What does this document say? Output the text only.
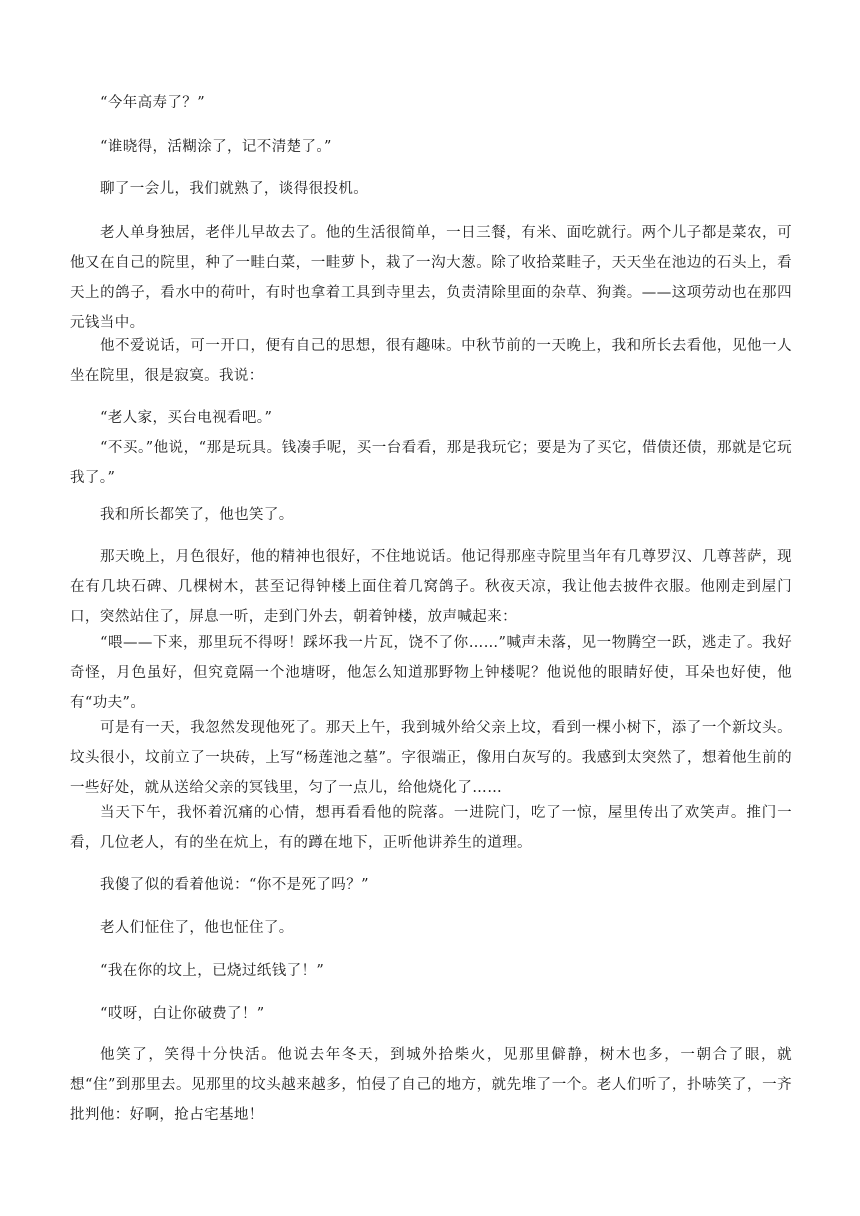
“今年高寿了？”

“谁晓得，活糊涂了，记不清楚了。”

聊了一会儿，我们就熟了，谈得很投机。

老人单身独居，老伴儿早故去了。他的生活很简单，一日三餐，有米、面吃就行。两个儿子都是菜农，可他又在自己的院里，种了一畦白菜，一畦萝卜，栽了一沟大葱。除了收拾菜畦子，天天坐在池边的石头上，看天上的鸽子，看水中的荷叶，有时也拿着工具到寺里去，负责清除里面的杂草、狗粪。——这项劳动也在那四元钱当中。

他不爱说话，可一开口，便有自己的思想，很有趣味。中秋节前的一天晚上，我和所长去看他，见他一人坐在院里，很是寂寞。我说：

“老人家，买台电视看吧。”

“不买。”他说，“那是玩具。钱凑手呢，买一台看看，那是我玩它；要是为了买它，借债还债，那就是它玩我了。”

我和所长都笑了，他也笑了。

那天晚上，月色很好，他的精神也很好，不住地说话。他记得那座寺院里当年有几尊罗汉、几尊菩萨，现在有几块石碑、几棵树木，甚至记得钟楼上面住着几窝鸽子。秋夜天凉，我让他去披件衣服。他刚走到屋门口，突然站住了，屏息一听，走到门外去，朝着钟楼，放声喊起来：

“喂——下来，那里玩不得呀！踩坏我一片瓦，饶不了你……”喊声未落，见一物腾空一跃，逃走了。我好奇怪，月色虽好，但究竟隔一个池塘呀，他怎么知道那野物上钟楼呢？他说他的眼睛好使，耳朵也好使，他有“功夫”。

可是有一天，我忽然发现他死了。那天上午，我到城外给父亲上坟，看到一棵小树下，添了一个新坟头。坟头很小，坟前立了一块砖，上写“杨莲池之墓”。字很端正，像用白灰写的。我感到太突然了，想着他生前的一些好处，就从送给父亲的冥钱里，匀了一点儿，给他烧化了……

当天下午，我怀着沉痛的心情，想再看看他的院落。一进院门，吃了一惊，屋里传出了欢笑声。推门一看，几位老人，有的坐在炕上，有的蹲在地下，正听他讲养生的道理。

我傻了似的看着他说：“你不是死了吗？”

老人们怔住了，他也怔住了。

“我在你的坟上，已烧过纸钱了！”

“哎呀，白让你破费了！”

他笑了，笑得十分快活。他说去年冬天，到城外拾柴火，见那里僻静，树木也多，一朝合了眼，就想“住”到那里去。见那里的坟头越来越多，怕侵了自己的地方，就先堆了一个。老人们听了，扑哧笑了，一齐批判他：好啊，抢占宅基地！
